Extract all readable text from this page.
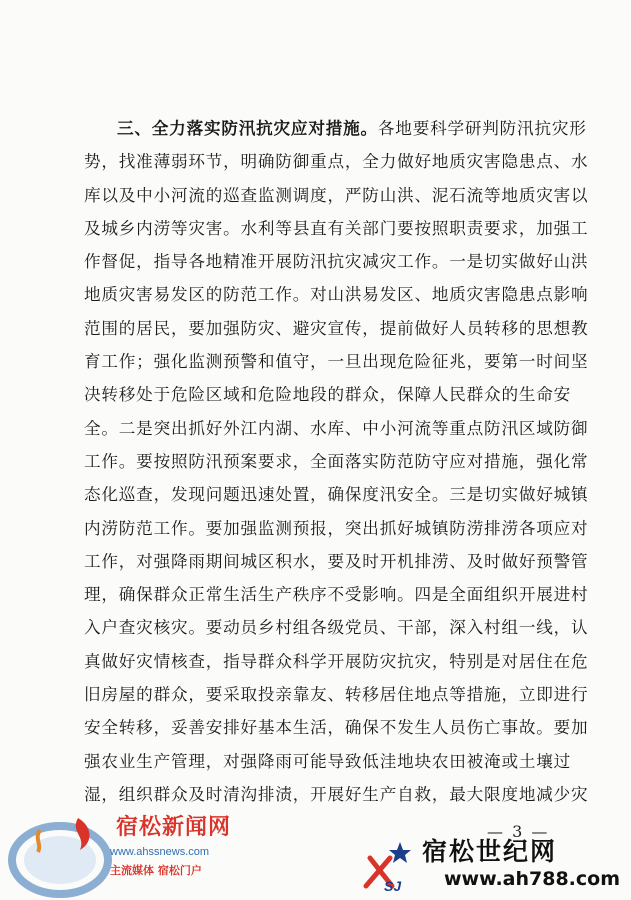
三、全力落实防汛抗灾应对措施。各地要科学研判防汛抗灾形
势，找准薄弱环节，明确防御重点，全力做好地质灾害隐患点、水
库以及中小河流的巡查监测调度，严防山洪、泥石流等地质灾害以
及城乡内涝等灾害。水利等县直有关部门要按照职责要求，加强工
作督促，指导各地精准开展防汛抗灾减灾工作。一是切实做好山洪
地质灾害易发区的防范工作。对山洪易发区、地质灾害隐患点影响
范围的居民，要加强防灾、避灾宣传，提前做好人员转移的思想教
育工作；强化监测预警和值守，一旦出现危险征兆，要第一时间坚
决转移处于危险区域和危险地段的群众，保障人民群众的生命安
全。二是突出抓好外江内湖、水库、中小河流等重点防汛区域防御
工作。要按照防汛预案要求，全面落实防范防守应对措施，强化常
态化巡查，发现问题迅速处置，确保度汛安全。三是切实做好城镇
内涝防范工作。要加强监测预报，突出抓好城镇防涝排涝各项应对
工作，对强降雨期间城区积水，要及时开机排涝、及时做好预警管
理，确保群众正常生活生产秩序不受影响。四是全面组织开展进村
入户查灾核灾。要动员乡村组各级党员、干部，深入村组一线，认
真做好灾情核查，指导群众科学开展防灾抗灾，特别是对居住在危
旧房屋的群众，要采取投亲靠友、转移居住地点等措施，立即进行
安全转移，妥善安排好基本生活，确保不发生人员伤亡事故。要加
强农业生产管理，对强降雨可能导致低洼地块农田被淹或土壤过
湿，组织群众及时清沟排渍，开展好生产自救，最大限度地减少灾
— 3 —
宿松新闻网
www.ahssnews.com
主流媒体 宿松门户
SJ
宿松世纪网
www.ah788.com
